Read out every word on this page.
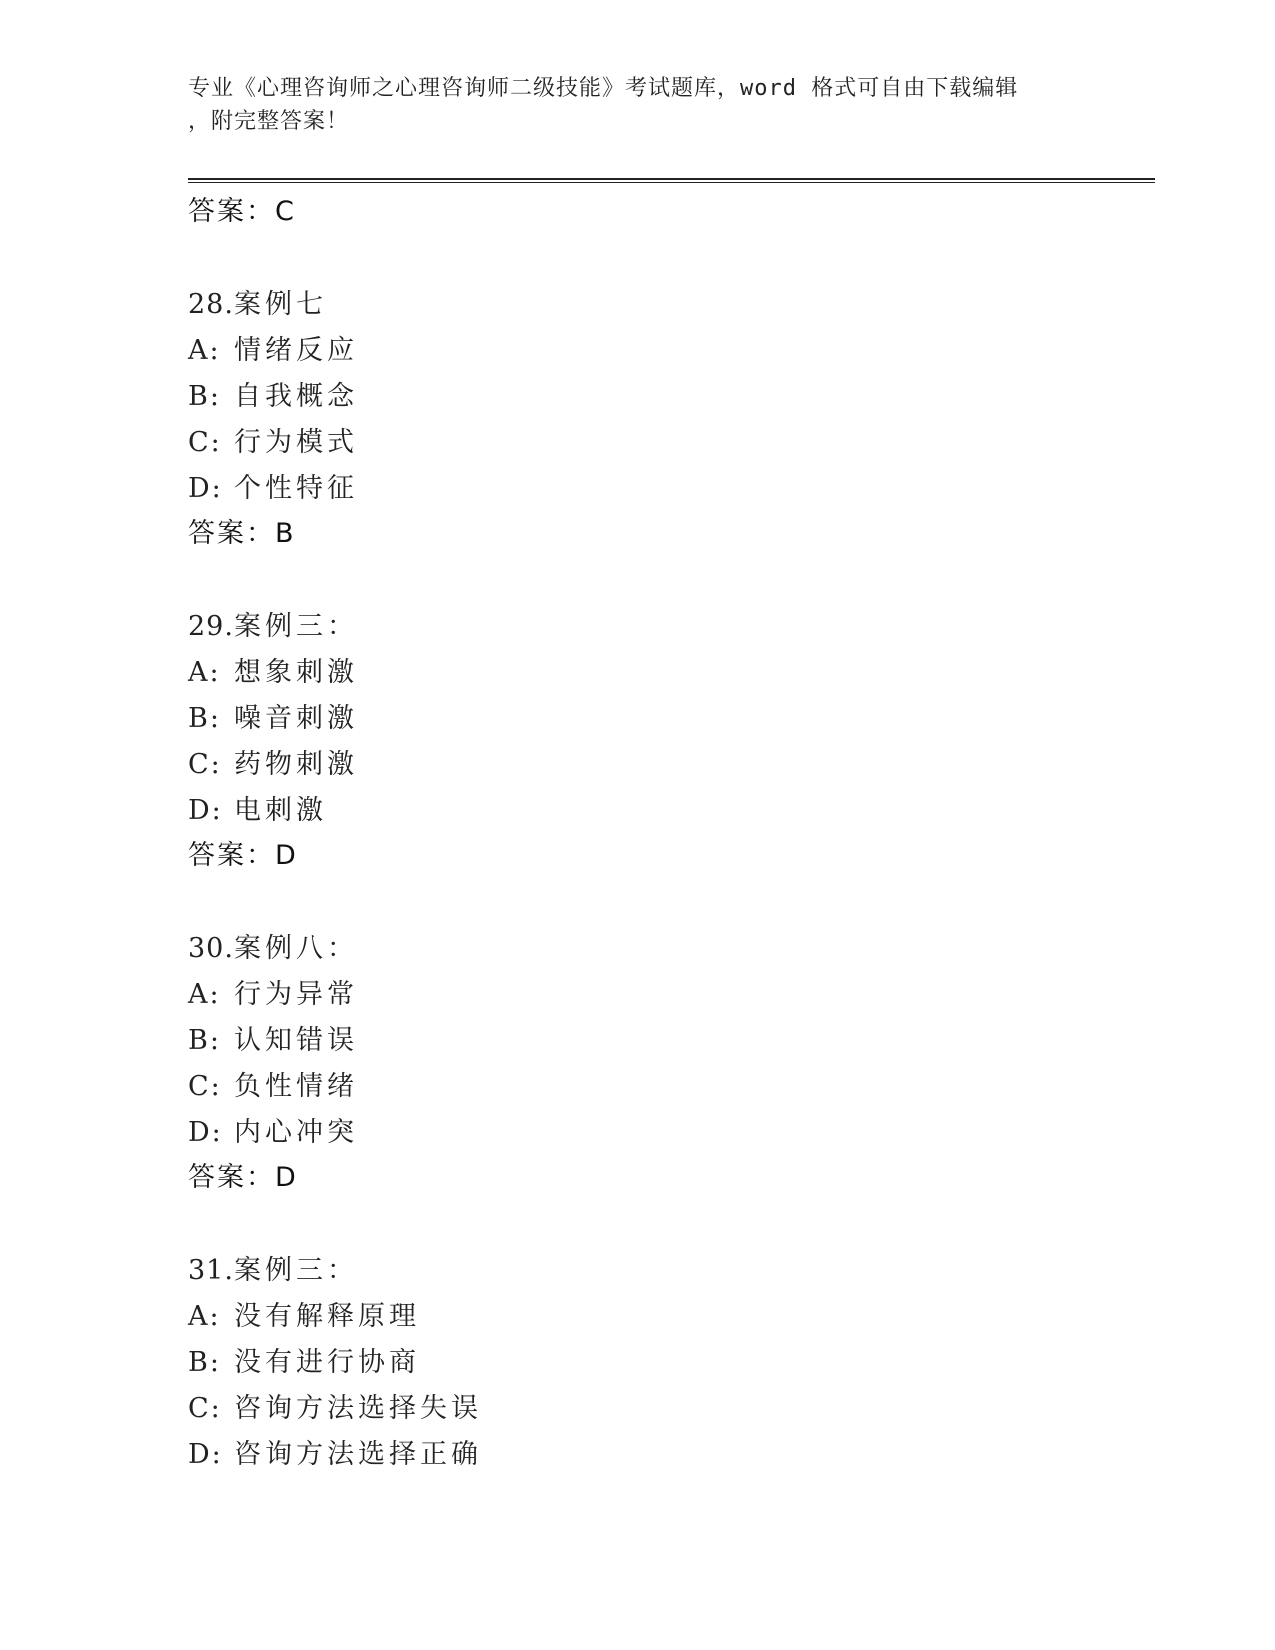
专业《心理咨询师之心理咨询师二级技能》考试题库，word 格式可自由下载编辑
，附完整答案！
答案：C
28.案例七
A: 情绪反应
B: 自我概念
C: 行为模式
D: 个性特征
答案：B
29.案例三：
A: 想象刺激
B: 噪音刺激
C: 药物刺激
D: 电刺激
答案：D
30.案例八：
A: 行为异常
B: 认知错误
C: 负性情绪
D: 内心冲突
答案：D
31.案例三：
A: 没有解释原理
B: 没有进行协商
C: 咨询方法选择失误
D: 咨询方法选择正确
